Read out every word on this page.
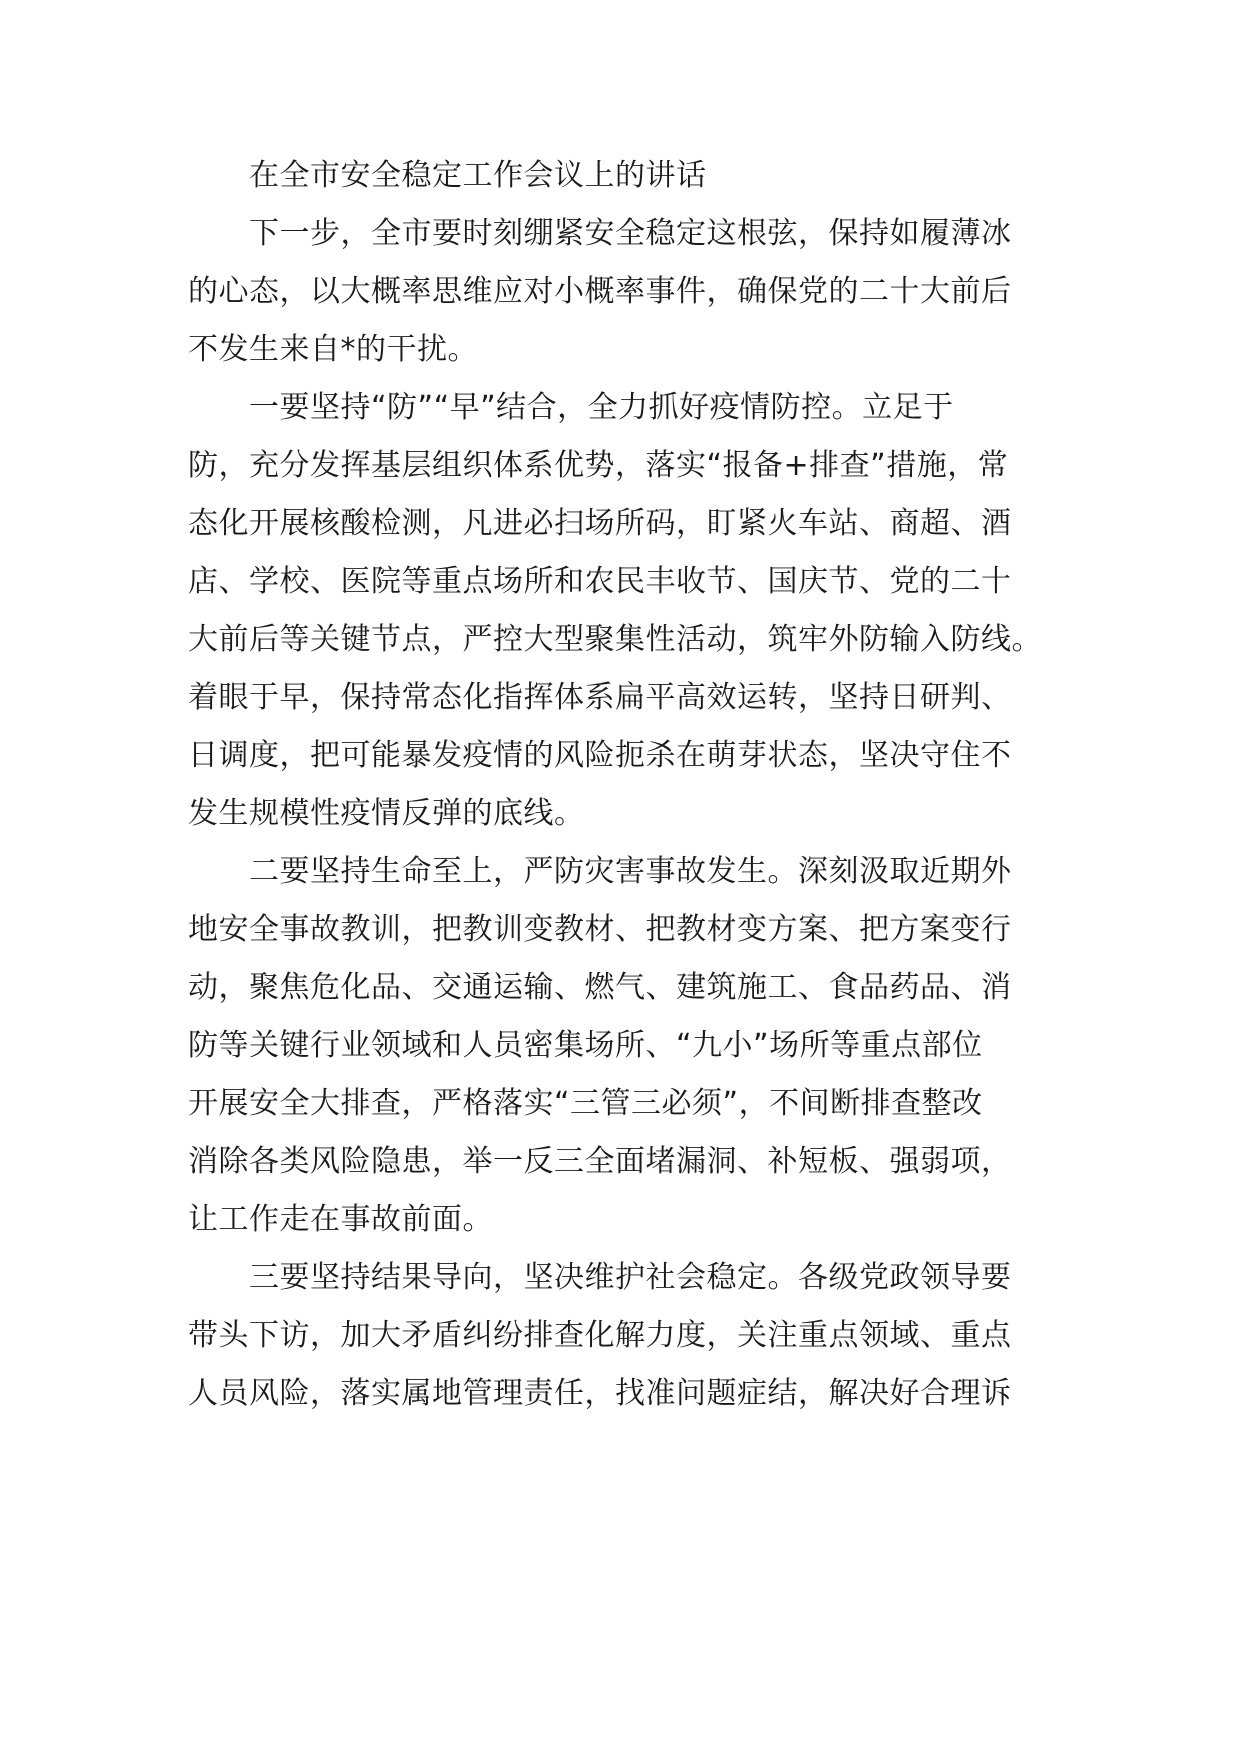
在全市安全稳定工作会议上的讲话
下一步，全市要时刻绷紧安全稳定这根弦，保持如履薄冰
的心态，以大概率思维应对小概率事件，确保党的二十大前后
不发生来自*的干扰。
一要坚持“防”“早”结合，全力抓好疫情防控。立足于
防，充分发挥基层组织体系优势，落实“报备+排查”措施，常
态化开展核酸检测，凡进必扫场所码，盯紧火车站、商超、酒
店、学校、医院等重点场所和农民丰收节、国庆节、党的二十
大前后等关键节点，严控大型聚集性活动，筑牢外防输入防线。
着眼于早，保持常态化指挥体系扁平高效运转，坚持日研判、
日调度，把可能暴发疫情的风险扼杀在萌芽状态，坚决守住不
发生规模性疫情反弹的底线。
二要坚持生命至上，严防灾害事故发生。深刻汲取近期外
地安全事故教训，把教训变教材、把教材变方案、把方案变行
动，聚焦危化品、交通运输、燃气、建筑施工、食品药品、消
防等关键行业领域和人员密集场所、“九小”场所等重点部位
开展安全大排查，严格落实“三管三必须”，不间断排查整改
消除各类风险隐患，举一反三全面堵漏洞、补短板、强弱项，
让工作走在事故前面。
三要坚持结果导向，坚决维护社会稳定。各级党政领导要
带头下访，加大矛盾纠纷排查化解力度，关注重点领域、重点
人员风险，落实属地管理责任，找准问题症结，解决好合理诉
